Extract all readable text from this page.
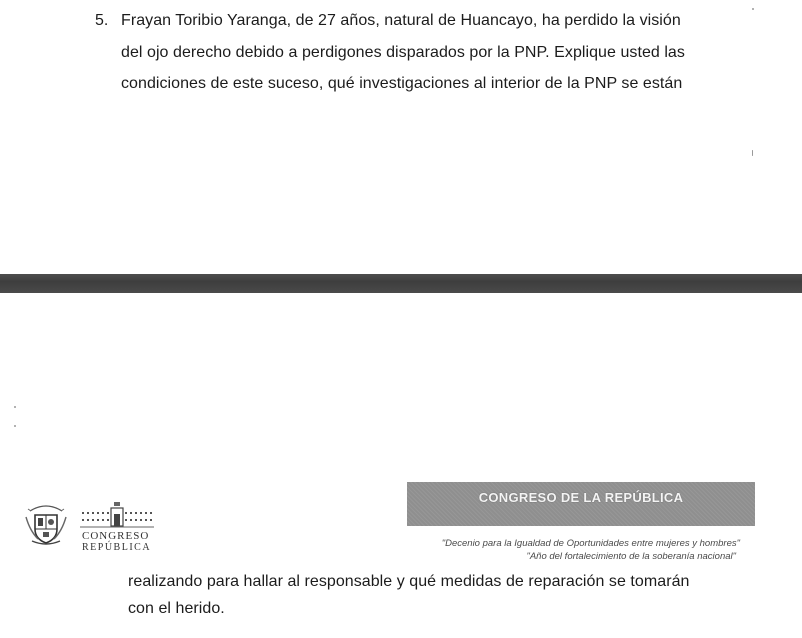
5. Frayan Toribio Yaranga, de 27 años, natural de Huancayo, ha perdido la visión
del ojo derecho debido a perdigones disparados por la PNP. Explique usted las
condiciones de este suceso, qué investigaciones al interior de la PNP se están
CONGRESO
REPÚBLICA
CONGRESO DE LA REPÚBLICA
"Decenio para la Igualdad de Oportunidades entre mujeres y hombres"
"Año del fortalecimiento de la soberanía nacional"
realizando para hallar al responsable y qué medidas de reparación se tomarán
con el herido.
